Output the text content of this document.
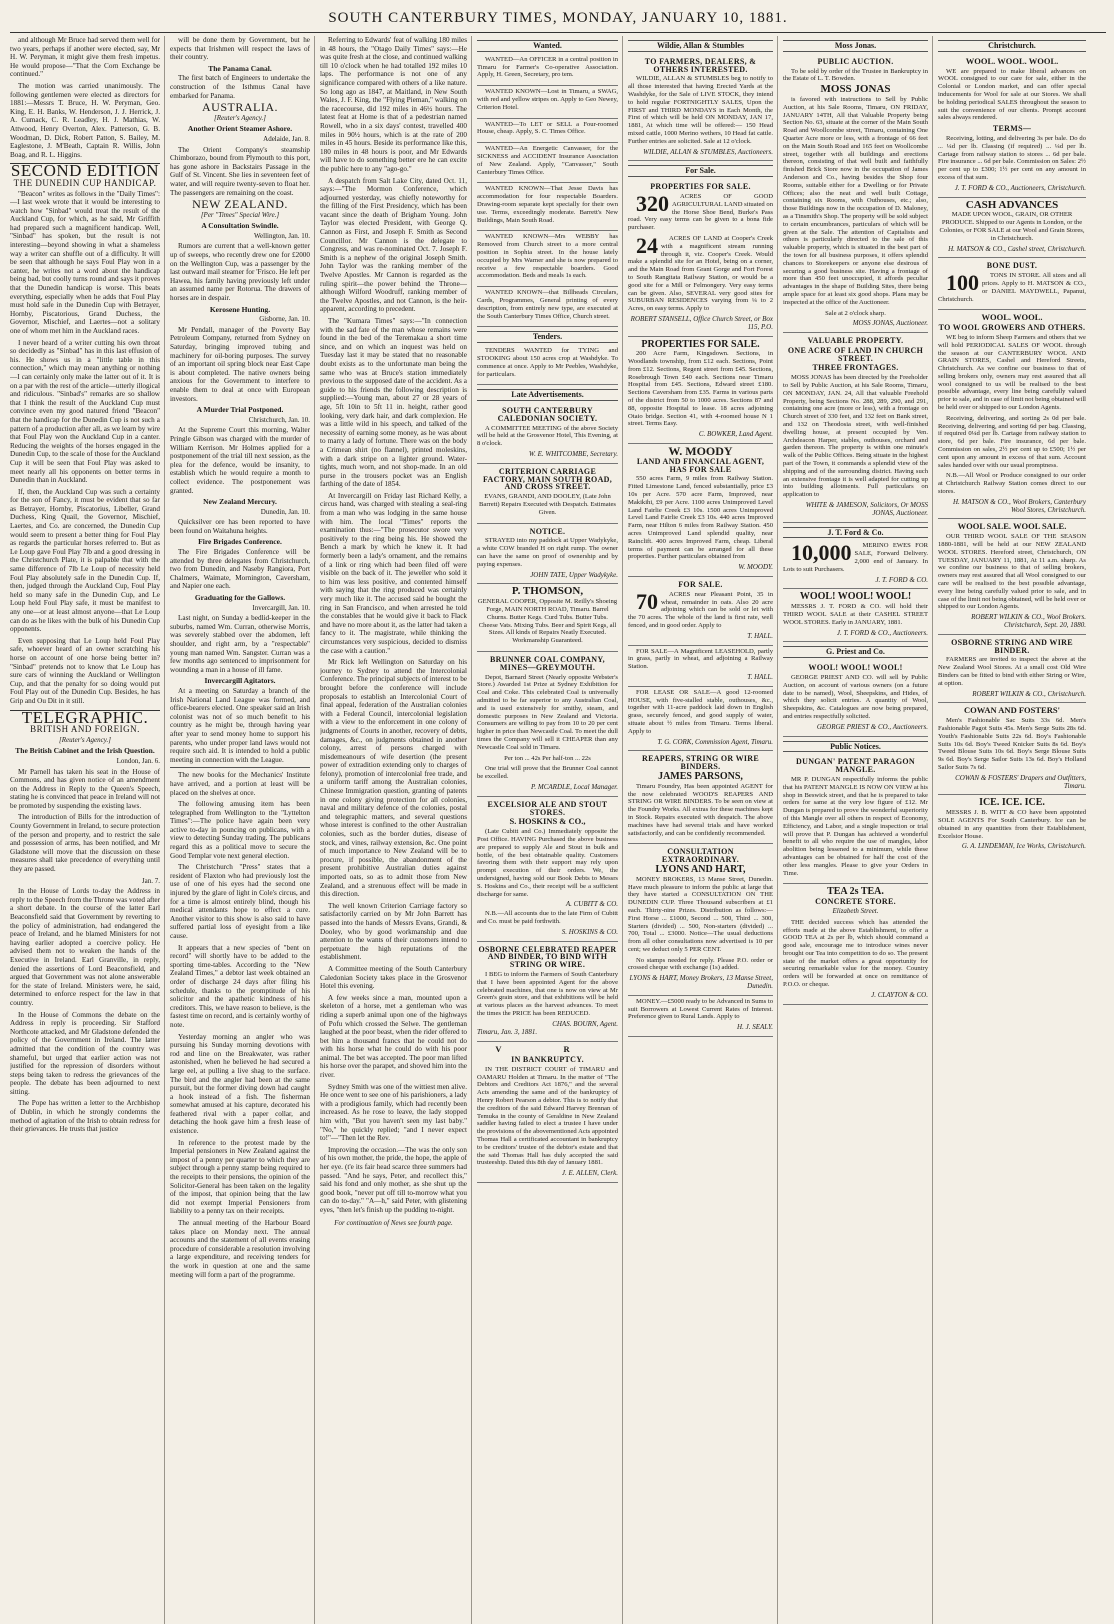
SOUTH CANTERBURY TIMES, MONDAY, JANUARY 10, 1881.

and although Mr Bruce had served them well for two years, perhaps if another were elected, say, Mr H. W. Peryman, it might give them fresh impetus. He would propose—"That the Corn Exchange be continued."

The motion was carried unanimously. The following gentlemen were elected as directors for 1881:—Messrs T. Bruce, H. W. Peryman, Geo. King, E. H. Banks, W. Henderson, J. J. Herrick, J. A. Cumack, C. R. Leadley, H. J. Mathias, W. Attwood, Henry Overton, Alex. Patterson, G. B. Woodman, D. Dick, Robert Patton, S. Bailey, M. Eaglestone, J. M'Beath, Captain R. Willis, John Boag, and R. L. Higgins.

SECOND EDITION
THE DUNEDIN CUP HANDICAP.

"Beacon" writes as follows in the "Daily Times":—I last week wrote that it would be interesting to watch how "Sinbad" would treat the result of the Auckland Cup, for which, as he said, Mr Griffith had prepared such a magnificent handicap. Well, "Sinbad" has spoken, but the result is not interesting—beyond showing in what a shameless way a writer can shuffle out of a difficulty. It will be seen that although he says Foul Play won in a canter, he writes not a word about the handicap being bad, but coolly turns round and says it proves that the Dunedin handicap is worse. This beats everything, especially when he adds that Foul Play must hold safe in the Dunedin Cup with Betrayer, Hornby, Piscatorious, Grand Duchess, the Governor, Mischief, and Laertes—not a solitary one of whom met him in the Auckland races.

I never heard of a writer cutting his own throat so decidedly as "Sinbad" has in this last effusion of his. He shows us in a "little table in this connection," which may mean anything or nothing—I can certainly only make the latter out of it. It is on a par with the rest of the article—utterly illogical and ridiculous. "Sinbad's" remarks are so shallow that I think the result of the Auckland Cup must convince even my good natured friend "Beacon" that the handicap for the Dunedin Cup is not such a pattern of a production after all, as we learn by wire that Foul Play won the Auckland Cup in a canter. Reducing the weights of the horses engaged in the Dunedin Cup, to the scale of those for the Auckland Cup it will be seen that Foul Play was asked to meet nearly all his opponents on better terms in Dunedin than in Auckland.

If, then, the Auckland Cup was such a certainty for the son of Fancy, it must be evident that so far as Betrayer, Hornby, Piscatorius, Libeller, Grand Duchess, King Quail, the Governor, Mischief, Laertes, and Co. are concerned, the Dunedin Cup would seem to present a better thing for Foul Play as regards the particular horses referred to. But as Le Loup gave Foul Play 7lb and a good dressing in the Christchurch Plate, it is palpable that with the same difference of 7lb Le Loup of necessity held Foul Play absolutely safe in the Dunedin Cup. If, then, judged through the Auckland Cup, Foul Play held so many safe in the Dunedin Cup, and Le Loup held Foul Play safe, it must be manifest to any one—or at least almost anyone—that Le Loup can do as he likes with the bulk of his Dunedin Cup opponents.

Even supposing that Le Loup held Foul Play safe, whoever heard of an owner scratching his horse on account of one horse being better in? "Sinbad" pretends not to know that Le Loup has sure cars of winning the Auckland or Wellington Cup, and that the penalty for so doing would put Foul Play out of the Dunedin Cup. Besides, he has Grip and Ou Dit in it still.

TELEGRAPHIC.
BRITISH AND FOREIGN.
[Reuter's Agency.]
The British Cabinet and the Irish Question.
London, Jan. 6.

Mr Parnell has taken his seat in the House of Commons, and has given notice of an amendment on the Address in Reply to the Queen's Speech, stating he is convinced that peace in Ireland will not be promoted by suspending the existing laws.

The introduction of Bills for the introduction of County Government in Ireland, to secure protection of the person and property, and to restrict the sale and possession of arms, has been notified, and Mr Gladstone will move that the discussion on these measures shall take precedence of everything until they are passed.

Jan. 7.

In the House of Lords to-day the Address in reply to the Speech from the Throne was voted after a short debate. In the course of the latter Earl Beaconsfield said that Government by reverting to the policy of administration, had endangered the peace of Ireland, and he blamed Ministers for not having earlier adopted a coercive policy. He advised them not to weaken the hands of the Executive in Ireland. Earl Granville, in reply, denied the assertions of Lord Beaconsfield, and argued that Government was not alone answerable for the state of Ireland. Ministers were, he said, determined to enforce respect for the law in that country.

In the House of Commons the debate on the Address in reply is proceeding. Sir Stafford Northcote attacked, and Mr Gladstone defended the policy of the Government in Ireland. The latter admitted that the condition of the country was shameful, but urged that earlier action was not justified for the repression of disorders without steps being taken to redress the grievances of the people. The debate has been adjourned to next sitting.

The Pope has written a letter to the Archbishop of Dublin, in which he strongly condemns the method of agitation of the Irish to obtain redress for their grievances. He trusts that justice

will be done them by Government, but he expects that Irishmen will respect the laws of their country.

The Panama Canal.

The first batch of Engineers to undertake the construction of the Isthmus Canal have embarked for Panama.

AUSTRALIA.
[Reuter's Agency.]
Another Orient Steamer Ashore.
Adelaide, Jan. 8.

The Orient Company's steamship Chimborazo, bound from Plymouth to this port, has gone ashore in Backstairs Passage in the Gulf of St. Vincent. She lies in seventeen feet of water, and will require twenty-seven to float her. The passengers are remaining on the coast.

NEW ZEALAND.
[Per "Times" Special Wire.]
A Consultation Swindle.
Wellington, Jan. 10.

Rumors are current that a well-known getter up of sweeps, who recently drew one for £2000 on the Wellington Cup, was a passenger by the last outward mail steamer for 'Frisco. He left per Hawea, his family having previously left under an assumed name per Rotorua. The drawers of horses are in despair.

Kerosene Hunting.
Gisborne, Jan. 10.

Mr Pendall, manager of the Poverty Bay Petroleum Company, returned from Sydney on Saturday, bringing improved tubing and machinery for oil-boring purposes. The survey of an important oil spring block near East Cape is about completed. The native owners being anxious for the Government to interfere to enable them to deal at once with European investors.

A Murder Trial Postponed.
Christchurch, Jan. 10.

At the Supreme Court this morning, Walter Pringle Gibson was charged with the murder of William Kerrison. Mr Holmes applied for a postponement of the trial till next session, as the plea for the defence, would be insanity, to establish which he would require a month to collect evidence. The postponement was granted.

New Zealand Mercury.
Dunedin, Jan. 10.

Quicksilver ore has been reported to have been found on Waitahuna heights.

Fire Brigades Conference.

The Fire Brigades Conference will be attended by three delegates from Christchurch, two from Dunedin, and Naseby Rangiora, Port Chalmers, Waimate, Mornington, Caversham, and Napier one each.

Graduating for the Gallows.
Invercargill, Jan. 10.

Last night, on Sunday a bedlid-keeper in the suburbs, named Wm. Curran, otherwise Morris, was severely stabbed over the abdomen, left shoulder, and right arm, by a "respectable" young man named Wm. Sangster. Curran was a few months ago sentenced to imprisonment for wounding a man in a house of ill fame.

Invercargill Agitators.

At a meeting on Saturday a branch of the Irish National Land League was formed, and office-bearers elected. One speaker said an Irish colonist was not of so much benefit to his country as he might be, through having year after year to send money home to support his parents, who under proper land laws would not require such aid. It is intended to hold a public meeting in connection with the League.

The new books for the Mechanics' Institute have arrived, and a portion at least will be placed on the shelves at once.

The following amusing item has been telegraphed from Wellington to the "Lyttelton Times":—The police have again been very active to-day in pouncing on publicans, with a view to detecting Sunday trading. The publicans regard this as a political move to secure the Good Templar vote next general election.

The Christchurch "Press" states that a resident of Flaxton who had previously lost the use of one of his eyes had the second one injured by the glare of light in Cole's circus, and for a time is almost entirely blind, though his medical attendants hope to effect a cure. Another visitor to this show is also said to have suffered partial loss of eyesight from a like cause.

It appears that a new species of "bent on record" will shortly have to be added to the sporting time-tables. According to the "New Zealand Times," a debtor last week obtained an order of discharge 24 days after filing his schedule, thanks to the promptitude of his solicitor and the apathetic kindness of his creditors. This, we have reason to believe, is the fastest time on record, and is certainly worthy of note.

Yesterday morning an angler who was pursuing his Sunday morning devotions with rod and line on the Breakwater, was rather astonished, when he believed he had secured a large eel, at pulling a live shag to the surface. The bird and the angler had been at the same pursuit, but the former diving down had caught a hook instead of a fish. The fisherman somewhat amused at his capture, decorated his feathered rival with a paper collar, and detaching the hook gave him a fresh lease of existence.

In reference to the protest made by the Imperial pensioners in New Zealand against the impost of a penny per quarter to which they are subject through a penny stamp being required to the receipts to their pensions, the opinion of the Solicitor-General has been taken on the legality of the impost, that opinion being that the law did not exempt Imperial Pensioners from liability to a penny tax on their receipts.

The annual meeting of the Harbour Board takes place on Monday next. The annual accounts and the statement of all events erasing procedure of considerable a resolution involving a large expenditure, and receiving tenders for the work in question at one and the same meeting will form a part of the programme.

Referring to Edwards' feat of walking 180 miles in 48 hours, the "Otago Daily Times" says:—He was quite fresh at the close, and continued walking till 10 o'clock when he had totalled 192 miles 10 laps. The performance is not one of any significance compared with others of a like nature. So long ago as 1847, at Maitland, in New South Wales, J. F. King, the "Flying Pieman," walking on the racecourse, did 192 miles in 46½ hours. The latest feat at Home is that of a pedestrian named Rowell, who in a six days' contest, travelled 400 miles in 90½ hours, which is at the rate of 200 miles in 45 hours. Beside its performance like this, 180 miles in 48 hours is poor, and Mr Edwards will have to do something better ere he can excite the public here to any "ago-go."

A despatch from Salt Lake City, dated Oct. 11, says:—"The Mormon Conference, which adjourned yesterday, was chiefly noteworthy for the filling of the First Presidency, which has been vacant since the death of Brigham Young. John Taylor was elected President, with George Q. Cannon as First, and Joseph F. Smith as Second Councillor. Mr Cannon is the delegate to Congress, and was re-nominated Oct. 7. Joseph F. Smith is a nephew of the original Joseph Smith. John Taylor was the ranking member of the Twelve Apostles. Mr Cannon is regarded as the ruling spirit—the power behind the Throne—although Wilford Woodruff, ranking member of the Twelve Apostles, and not Cannon, is the heir-apparent, according to precedent.

The "Kumara Times" says:—"In connection with the sad fate of the man whose remains were found in the bed of the Teremakau a short time since, and on which an inquest was held on Tuesday last it may be stated that no reasonable doubt exists as to the unfortunate man being the same who was at Bruce's station immediately previous to the supposed date of the accident. As a guide to his friends the following description is supplied:—Young man, about 27 or 28 years of age, 5ft 10in to 5ft 11 in. height, rather good looking, very dark hair, and dark complexion. He was a little wild in his speech, and talked of the necessity of earning some money, as he was about to marry a lady of fortune. There was on the body a Crimean shirt (no flannel), printed moleskins, with a dark stripe on a lighter ground. Water-tights, much worn, and not shop-made. In an old purse in the trousers pocket was an English farthing of the date of 1854.

At Invercargill on Friday last Richard Kelly, a circus hand, was charged with stealing a seal-ring from a man who was lodging in the same house with him. The local "Times" reports the examination thus:—"The prosecutor swore very positively to the ring being his. He showed the Bench a mark by which he knew it. It had formerly been a lady's ornament, and the remains of a link or ring which had been filed off were visible on the back of it. The jeweller who sold it to him was less positive, and contented himself with saying that the ring produced was certainly very much like it. The accused said he bought the ring in San Francisco, and when arrested he told the constables that he would give it back to Flack and have no more about it, as the latter had taken a fancy to it. The magistrate, while thinking the circumstances very suspicious, decided to dismiss the case with a caution."

Mr Rick left Wellington on Saturday on his journey to Sydney to attend the Intercolonial Conference. The principal subjects of interest to be brought before the conference will include proposals to establish an Intercolonial Court of final appeal, federation of the Australian colonies with a Federal Council, intercolonial legislation with a view to the enforcement in one colony of judgments of Courts in another, recovery of debts, damages, &c., on judgments obtained in another colony, arrest of persons charged with misdemeanours of wife desertion (the present power of extradition extending only to charges of felony), promotion of intercolonial free trade, and a uniform tariff among the Australian colonies, Chinese Immigration question, granting of patents in one colony giving protection for all colonies, naval and military defence of the colonies, postal and telegraphic matters, and several questions whose interest is confined to the other Australian colonies, such as the border duties, disease of stock, and vines, railway extension, &c. One point of much importance to New Zealand will be to procure, if possible, the abandonment of the present prohibitive Australian duties against imported oats, so as to admit those from New Zealand, and a strenuous effect will be made in this direction.

The well known Criterion Carriage factory so satisfactorily carried on by Mr John Barrett has passed into the hands of Messrs Evans, Grandi, & Dooley, who by good workmanship and due attention to the wants of their customers intend to perpetuate the high reputations of the establishment.

A Committee meeting of the South Canterbury Caledonian Society takes place in the Grosvenor Hotel this evening.

A few weeks since a man, mounted upon a skeleton of a horse, met a gentleman who was riding a superb animal upon one of the highways of Pofu which crossed the Selwe. The gentleman laughed at the poor beast, when the rider offered to bet him a thousand francs that he could not do with his horse what he could do with his poor animal. The bet was accepted. The poor man lifted his horse over the parapet, and shoved him into the river.

Sydney Smith was one of the wittiest men alive. He once went to see one of his parishioners, a lady with a prodigious family, which had recently been increased. As he rose to leave, the lady stopped him with, "But you haven't seen my last baby." "No," he quickly replied; "and I never expect to!"—"Then let the Rev.

Improving the occasion.—The was the only son of his own mother, the pride, the hope, the apple of her eye. (t'e its fair head scarce three summers had passed. "And he says, Peter, and recollect this," said his fond and only mother, as she shut up the good book, "never put off till to-morrow what you can do to-day." "A—h," said Peter, with glistening eyes, "then let's finish up the pudding to-night.

For continuation of News see fourth page.
Wanted.

WANTED—An OFFICER in a central position in Timaru for Farmer's Co-operative Association. Apply, H. Green, Secretary, pro tem.

WANTED KNOWN—Lost in Timaru, a SWAG, with red and yellow stripes on. Apply to Geo Newey, Criterion Hotel.

WANTED—To LET or SELL a Four-roomed House, cheap. Apply, S. C. Times Office.

WANTED—An Energetic Canvasser, for the SICKNESS and ACCIDENT Insurance Association of New Zealand. Apply, "Canvasser," South Canterbury Times Office.

WANTED KNOWN—That Jesse Davis has accommodation for four respectable Boarders. Drawing-room separate kept specially for their own use. Terms, exceedingly moderate. Barrett's New Buildings, Main South Road.

WANTED KNOWN—Mrs WEBBY has Removed from Church street to a more central position in Sophia street. In the house lately occupied by Mrs Warner and she is now prepared to receive a few respectable boarders. Good accommodation. Beds and meals 1s each.

WANTED KNOWN—that Billheads Circulars, Cards, Programmes, General printing of every description, from entirely new type, are executed at the South Canterbury Times Office, Church street.

Tenders.

TENDERS WANTED for TYING and STOOKING about 150 acres crop at Washdyke. To commence at once. Apply to Mr Peebles, Washdyke, for particulars.

Late Advertisements.
SOUTH CANTERBURY CALEDONIAN SOCIETY.

A COMMITTEE MEETING of the above Society will be held at the Grosvenor Hotel, This Evening, at 8 o'clock.

W. E. WHITCOMBE, Secretary.
CRITERION CARRIAGE FACTORY, MAIN SOUTH ROAD, AND CROSS STREET.

EVANS, GRANDI, AND DOOLEY, (Late John Barrett) Repairs Executed with Despatch. Estimates Given.

NOTICE.

STRAYED into my paddock at Upper Wadykyke, a white COW branded H on right rump. The owner can have the same on proof of ownership and by paying expenses.

JOHN TATE, Upper Wadykyke.
P. THOMSON,

GENERAL COOPER, Opposite M. Reilly's Shoeing Forge, MAIN NORTH ROAD, Timaru. Barrel Churns. Butter Kegs. Curd Tubs. Butter Tubs. Cheese Vats. Mixing Tubs. Beer and Spirit Kegs, all Sizes. All kinds of Repairs Neatly Executed. Workmanship Guaranteed.

BRUNNER COAL COMPANY, MINES—GREYMOUTH.

Depot, Barnard Street (Nearly opposite Webster's Store.) Awarded 1st Prize at Sydney Exhibition for Coal and Coke. This celebrated Coal is universally admitted to be far superior to any Australian Coal, and is used extensively for smithy, steam, and domestic purposes in New Zealand and Victoria. Consumers are willing to pay from 10 to 20 per cent higher in price than Newcastle Coal. To meet the dull times the Company will sell it CHEAPER than any Newcastle Coal sold in Timaru.

Per ton ... 42s Per half-ton ... 22s

One trial will prove that the Brunner Coal cannot be excelled.

P. MCARDLE, Local Manager.
EXCELSIOR ALE AND STOUT STORES.
S. HOSKINS & CO.,

(Late Cubitt and Co.) Immediately opposite the Post Office. HAVING Purchased the above business are prepared to supply Ale and Stout in bulk and bottle, of the best obtainable quality. Customers favoring them with their support may rely upon prompt execution of their orders. We, the undersigned, having sold our Book Debts to Messrs S. Hoskins and Co., their receipt will be a sufficient discharge for same.

A. CUBITT & CO.

N.B.—All accounts due to the late Firm of Cubitt and Co. must be paid forthwith.

S. HOSKINS & CO.
OSBORNE CELEBRATED REAPER AND BINDER, TO BIND WITH STRING OR WIRE.

I BEG to inform the Farmers of South Canterbury that I have been appointed Agent for the above celebrated machines, that one is now on view at Mr Green's grain store, and that exhibitions will be held at various places as the harvest advances. To meet the times the PRICE has been REDUCED.

CHAS. BOURN, Agent.
Timaru, Jan. 3, 1881.
V R
IN BANKRUPTCY.

IN THE DISTRICT COURT of TIMARU and OAMARU Holden at Timaru. In the matter of "The Debtors and Creditors Act 1876," and the several Acts amending the same and of the bankruptcy of Henry Robert Pearson a debtor. This is to notify that the creditors of the said Edward Harvey Brennan of Temuka in the county of Geraldine in New Zealand saddler having failed to elect a trustee I have under the provisions of the abovementioned Acts appointed Thomas Hall a certificated accountant in bankruptcy to be creditors' trustee of the debtor's estate and that the said Thomas Hall has duly accepted the said trusteeship. Dated this 8th day of January 1881.

J. E. ALLEN, Clerk.
Wildie, Allan & Stumbles
TO FARMERS, DEALERS, & OTHERS INTERESTED.

WILDIE, ALLAN & STUMBLES beg to notify to all those interested that having Erected Yards at the Washdyke, for the Sale of LIVE STOCK, they intend to hold regular FORTNIGHTLY SALES, Upon the FIRST and THIRD MONDAYS in Each Month, the First of which will be held ON MONDAY, JAN 17, 1881, At which time will be offered:— 150 Head mixed cattle, 1000 Merino wethers, 10 Head fat cattle. Further entries are solicited. Sale at 12 o'clock.

WILDIE, ALLAN & STUMBLES, Auctioneers.
For Sale.
PROPERTIES FOR SALE.

320 ACRES OF GOOD AGRICULTURAL LAND situated on the Horse Shoe Bend, Burke's Pass road. Very easy terms can be given to a bona fide purchaser.

24 ACRES OF LAND at Cooper's Creek with a magnificent stream running through it, viz. Cooper's Creek. Would make a splendid site for an Hotel, being on a corner, and the Main Road from Grant Gorge and Fort Forest to South Rangitata Railway Station, or would be a good site for a Mill or Felmongery. Very easy terms can be given. Also, SEVERAL very good sites for SUBURBAN RESIDENCES varying from ¼ to 2 Acres, on easy terms. Apply to

ROBERT STANSELL, Office Church Street, or Box 115, P.O.
PROPERTIES FOR SALE.

200 Acre Farm, Kingsdown. Sections, in Woodlands township, from £12 each. Sections, Point from £12. Sections, Regent street from £45. Sections, Rosebrough Town £40 each. Sections near Timaru Hospital from £45. Sections, Edward street £180. Sections Caversham from £35. Farms in various parts of the district from 50 to 1000 acres. Sections 87 and 88, opposite Hospital to lease. 18 acres adjoining Otaio bridge. Section 41, with 4-roomed house N 1 street. Terms Easy.

C. BOWKER, Land Agent.
W. MOODY
LAND AND FINANCIAL AGENT, HAS FOR SALE

550 acres Farm, 9 miles from Railway Station. Fitted Limestone Land, fenced substantially, price £3 10s per Acre. 570 acre Farm, Improved, near Makikihi, £9 per Acre. 1100 acres Unimproved Level Land Fairlie Creek £3 10s. 1500 acres Unimproved Level Land Fairlie Creek £3 10s. 440 acres Improved Farm, near Hilton 6 miles from Railway Station. 450 acres Unimproved Land splendid quality, near Rainclift. 400 acres Improved Farm, cheap. Liberal terms of payment can be arranged for all these properties. Further particulars obtained from

W. MOODY.
FOR SALE.

70 ACRES near Pleasant Point, 35 in wheat, remainder in oats. Also 20 acre adjoining which can be sold or let with the 70 acres. The whole of the land is first rate, well fenced, and in good order. Apply to

T. HALL.

FOR SALE—A Magnificent LEASEHOLD, partly in grass, partly in wheat, and adjoining a Railway Station.

T. HALL.

FOR LEASE OR SALE—A good 12-roomed HOUSE, with five-stalled stable, outhouses, &c., together with 11-acre paddock laid down in English grass, securely fenced, and good supply of water, situate about ½ miles from Timaru. Terms liberal. Apply to

T. G. CORK, Commission Agent, Timaru.
REAPERS, STRING OR WIRE BINDERS.
JAMES PARSONS,

Timaru Foundry, Has been appointed AGENT for the now celebrated WOOD'S REAPERS AND STRING OR WIRE BINDERS. To be seen on view at the Foundry Works. All extras for these machines kept in Stock. Repairs executed with despatch. The above machines have had several trials and have worked satisfactorily, and can be confidently recommended.

CONSULTATION EXTRAORDINARY.
LYONS AND HART,

MONEY BROKERS, 13 Manse Street, Dunedin. Have much pleasure to inform the public at large that they have started a CONSULTATION ON THE DUNEDIN CUP. Three Thousand subscribers at £1 each. Thirty-nine Prizes. Distribution as follows:— First Horse ... £1000, Second ... 500, Third ... 300, Starters (divided) ... 500, Non-starters (divided) ... 700, Total ... £3000. Notice—The usual deductions from all other consultations now advertised is 10 per cent; we deduct only 5 PER CENT.

No stamps needed for reply. Please P.O. order or crossed cheque with exchange (1s) added.

LYONS & HART, Money Brokers, 13 Manse Street, Dunedin.

MONEY.—£5000 ready to be Advanced in Sums to suit Borrowers at Lowest Current Rates of Interest. Preference given to Rural Lands. Apply to

H. J. SEALY.
Moss Jonas.
PUBLIC AUCTION.

To be sold by order of the Trustee in Bankruptcy in the Estate of L. T. Bowden.

MOSS JONAS

is favored with instructions to Sell by Public Auction, at his Sale Rooms, Timaru, ON FRIDAY, JANUARY 14TH, All that Valuable Property being Section No. 63, situate at the corner of the Main South Road and Woollcombe street, Timaru, containing One Quarter Acre more or less, with a frontage of 66 feet on the Main South Road and 165 feet on Woollcombe street, together with all buildings and erections thereon, consisting of that well built and faithfully finished Brick Store now in the occupation of James Anderson and Co., having besides the Shop four Rooms, suitable either for a Dwelling or for Private Offices; also the neat and well built Cottage, containing six Rooms, with Outhouses, etc.; also, those Buildings now in the occupation of D. Maloney, as a Tinsmith's Shop. The property will be sold subject to certain encumbrances, particulars of which will be given at the Sale. The attention of Capitalists and others is particularly directed to the sale of this valuable property, which is situated in the best part of the town for all business purposes, it offers splendid chances to Storekeepers or anyone else desirous of securing a good business site. Having a frontage of more than 450 feet unoccupied, it affords peculiar advantages in the shape of Building Sites, there being ample space for at least six good shops. Plans may be inspected at the office of the Auctioneer.

Sale at 2 o'clock sharp.

MOSS JONAS, Auctioneer.
VALUABLE PROPERTY.
ONE ACRE OF LAND IN CHURCH STREET.
THREE FRONTAGES.

MOSS JONAS has been directed by the Freeholder to Sell by Public Auction, at his Sale Rooms, Timaru, ON MONDAY, JAN. 24, All that valuable Freehold Property, being Sections No. 288, 289, 290, and 291, containing one acre (more or less), with a frontage on Church street of 330 feet, and 132 feet on Bank street, and 132 on Theodosia street, with well-finished dwelling house, at present occupied by Ven. Archdeacon Harper, stables, outhouses, orchard and garden thereon. The property is within one minute's walk of the Public Offices. Being situate in the highest part of the Town, it commands a splendid view of the shipping and of the surrounding district. Having such an extensive frontage it is well adapted for cutting up into building allotments. Full particulars on application to

WHITE & JAMESON, Solicitors, Or MOSS JONAS, Auctioneer.
J. T. Ford & Co.

10,000 MERINO EWES FOR SALE, Forward Delivery. 2,000 end of January. In Lots to suit Purchasers.

J. T. FORD & CO.
WOOL! WOOL! WOOL!

MESSRS J. T. FORD & CO. will hold their THIRD WOOL SALE at their CASHEL STREET WOOL STORES. Early in JANUARY, 1881.

J. T. FORD & CO., Auctioneers.
G. Priest and Co.
WOOL! WOOL! WOOL!

GEORGE PRIEST AND CO. will sell by Public Auction, on account of various owners (on a future date to be named), Wool, Sheepskins, and Hides, of which they solicit entries. A quantity of Wool, Sheepskins, &c. Catalogues are now being prepared, and entries respectfully solicited.

GEORGE PRIEST & CO., Auctioneers.
Public Notices.
DUNGAN' PATENT PARAGON MANGLE.

MR P. DUNGAN respectfully informs the public that his PATENT MANGLE IS NOW ON VIEW at his shop in Beswick street, and that he is prepared to take orders for same at the very low figure of £12. Mr Dungan is prepared to prove the wonderful superiority of this Mangle over all others in respect of Economy, Efficiency, and Labor, and a single inspection or trial will prove that P. Dungan has achieved a wonderful benefit to all who require the use of mangles, labor abolition being lessened to a minimum, while these advantages can be obtained for half the cost of the other less mangles. Please to give your Orders in Time.

TEA 2s TEA.
CONCRETE STORE.
Elizabeth Street.

THE decided success which has attended the efforts made at the above Establishment, to offer a GOOD TEA at 2s per lb, which should command a good sale, encourage me to introduce wines never brought our Tea into competition to do so. The present state of the market offers a great opportunity for securing remarkable value for the money. Country orders will be forwarded at once on remittance of P.O.O. or cheque.

J. CLAYTON & CO.
Christchurch.
WOOL. WOOL. WOOL.

WE are prepared to make liberal advances on WOOL consigned to our care for sale, either in the Colonial or London market, and can offer special inducements for Wool for sale at our Stores. We shall be holding periodical SALES throughout the season to suit the convenience of our clients. Prompt account sales always rendered.

TERMS—

Receiving, lotting, and delivering 3s per bale. Do do ... ¼d per lb. Classing (if required) ... ¼d per lb. Cartage from railway station to stores ... 6d per bale. Fire insurance ... 6d per bale. Commission on Sales: 2½ per cent up to £300; 1½ per cent on any amount in excess of that sum.

J. T. FORD & CO., Auctioneers, Christchurch.
CASH ADVANCES

MADE UPON WOOL, GRAIN, OR OTHER PRODUCE. Shipped to our Agents in London, or the Colonies, or FOR SALE at our Wool and Grain Stores, in Christchurch.

H. MATSON & CO., Cashel street, Christchurch.
BONE DUST.

100 TONS IN STORE. All sizes and all prices. Apply to H. MATSON & CO., or DANIEL MAYDWELL, Papanui, Christchurch.

WOOL. WOOL.
TO WOOL GROWERS AND OTHERS.

WE beg to inform Sheep Farmers and others that we will hold PERIODICAL SALES OF WOOL through the season at our CANTERBURY WOOL AND GRAIN STORES, Cashel and Hereford Streets, Christchurch. As we confine our business to that of selling brokers only, owners may rest assured that all wool consigned to us will be realised to the best possible advantage, every line being carefully valued prior to sale, and in case of limit not being obtained will be held over or shipped to our London Agents.

Receiving, delivering, and sorting 2s 0d per bale. Receiving, delivering, and sorting 6d per bag. Classing, if required 0¼d per lb. Cartage from railway station to store, 6d per bale. Fire insurance, 6d per bale. Commission on sales, 2½ per cent up to £500; 1½ per cent upon any amount in excess of that sum. Account sales handed over with our usual promptness.

N.B.—All Wool or Produce consigned to our order at Christchurch Railway Station comes direct to our stores.

H. MATSON & CO., Wool Brokers, Canterbury Wool Stores, Christchurch.
WOOL SALE. WOOL SALE.

OUR THIRD WOOL SALE OF THE SEASON 1880-1881, will be held at our NEW ZEALAND WOOL STORES. Hereford street, Christchurch, ON TUESDAY, JANUARY 11, 1881, At 11 a.m. sharp. As we confine our business to that of selling brokers, owners may rest assured that all Wool consigned to our care will be realised to the best possible advantage, every line being carefully valued prior to sale, and in case of the limit not being obtained, will be held over or shipped to our London Agents.

ROBERT WILKIN & CO., Wool Brokers. Christchurch, Sept. 20, 1880.
OSBORNE STRING AND WIRE BINDER.

FARMERS are invited to inspect the above at the New Zealand Wool Stores. At a small cost Old Wire Binders can be fitted to bind with either String or Wire, at option.

ROBERT WILKIN & CO., Christchurch.
COWAN AND FOSTERS'

Men's Fashionable Sac Suits 33s 6d. Men's Fashionable Pagot Suits 45s. Men's Serge Suits 28s 6d. Youth's Fashionable Suits 22s 6d. Boy's Fashionable Suits 10s 6d. Boy's Tweed Knicker Suits 8s 6d. Boy's Tweed Blouse Suits 10s 6d. Boy's Serge Blouse Suits 9s 6d. Boy's Serge Sailor Suits 13s 6d. Boy's Holland Sailor Suits 7s 6d.

COWAN & FOSTERS' Drapers and Outfitters, Timaru.
ICE. ICE. ICE.

MESSRS J. B. WITT & CO have been appointed SOLE AGENTS For South Canterbury. Ice can be obtained in any quantities from their Establishment, Excelsior House.

G. A. LINDEMAN, Ice Works, Christchurch.
